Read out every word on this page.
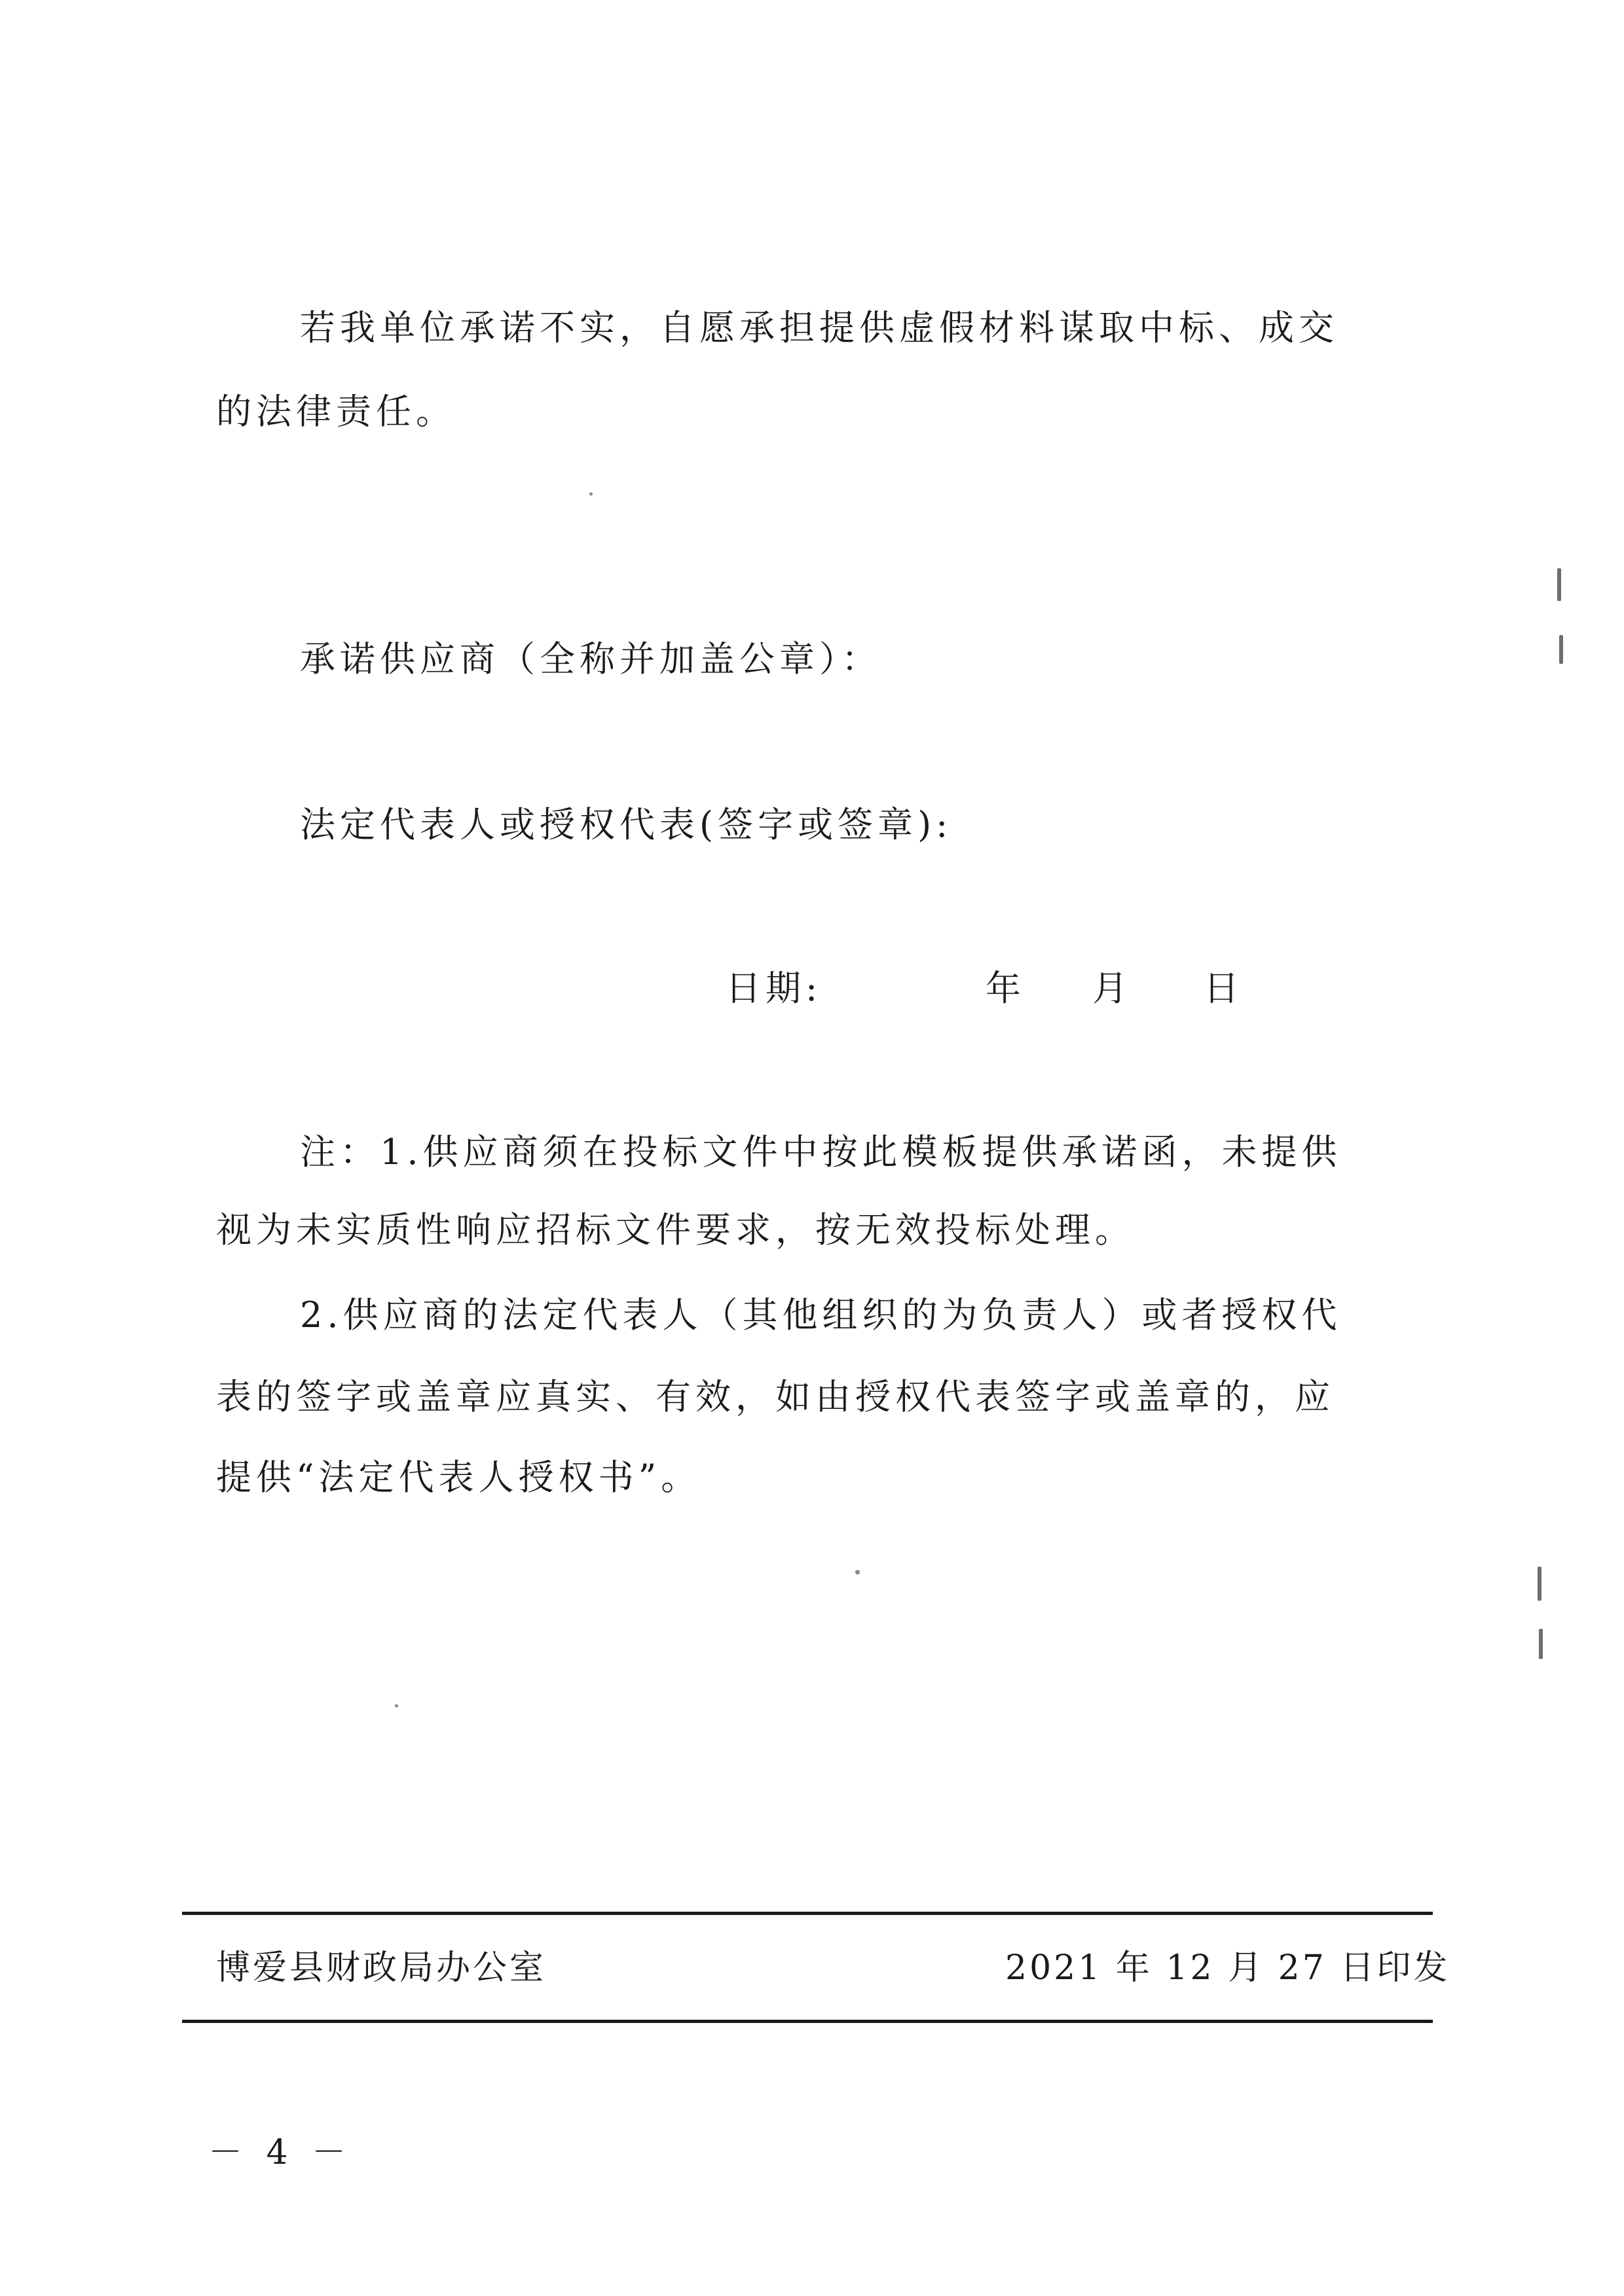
若我单位承诺不实，自愿承担提供虚假材料谋取中标、成交
的法律责任。
承诺供应商（全称并加盖公章）：
法定代表人或授权代表(签字或签章):
日期:	年 月 日
注：1.供应商须在投标文件中按此模板提供承诺函，未提供
视为未实质性响应招标文件要求，按无效投标处理。
2.供应商的法定代表人（其他组织的为负责人）或者授权代
表的签字或盖章应真实、有效，如由授权代表签字或盖章的，应
提供“法定代表人授权书”。
博爱县财政局办公室	2021 年 12 月 27 日印发
－ 4 －
